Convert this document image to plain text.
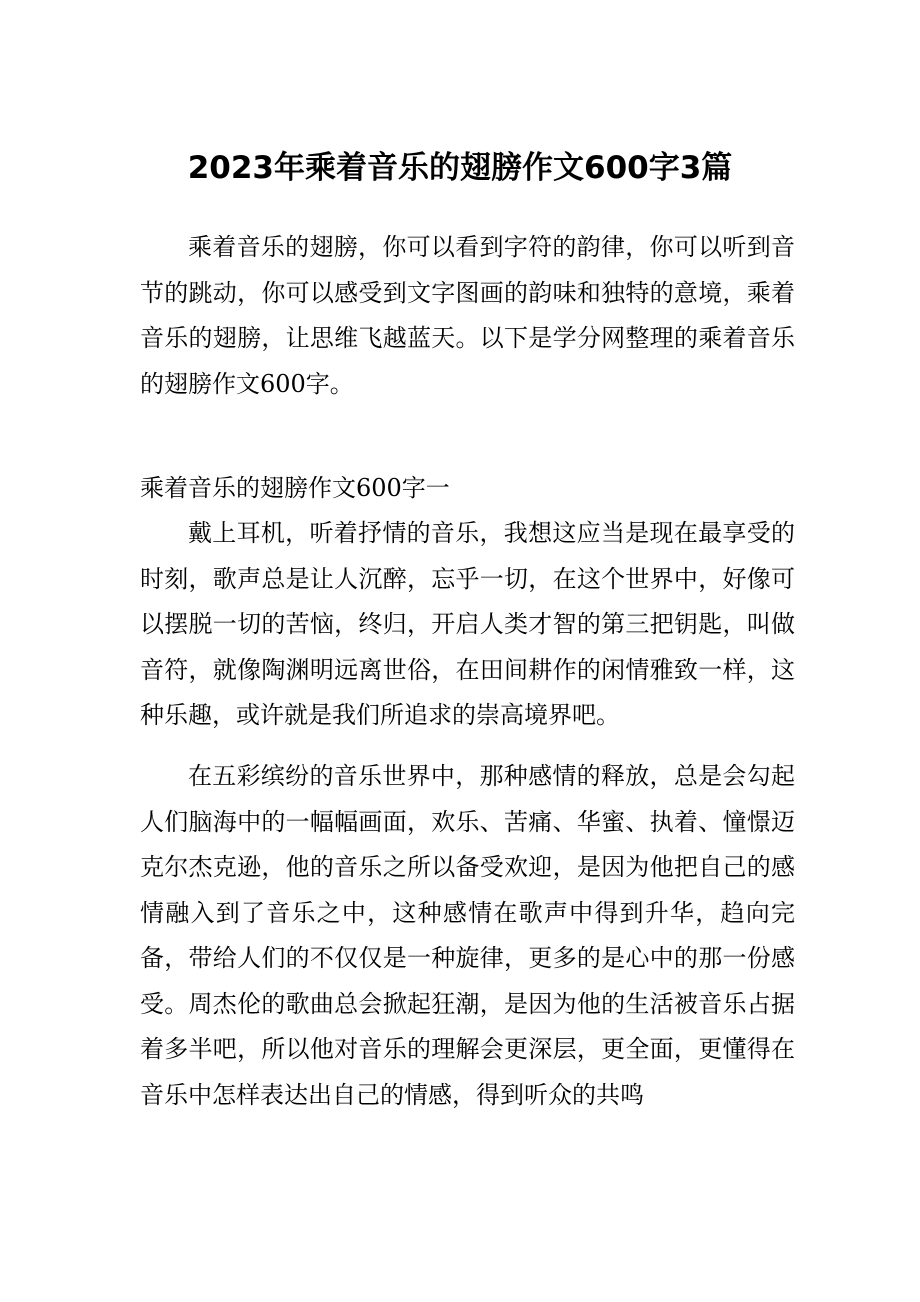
2023年乘着音乐的翅膀作文600字3篇

乘着音乐的翅膀，你可以看到字符的韵律，你可以听到音节的跳动，你可以感受到文字图画的韵味和独特的意境，乘着音乐的翅膀，让思维飞越蓝天。以下是学分网整理的乘着音乐的翅膀作文600字。

乘着音乐的翅膀作文600字一

戴上耳机，听着抒情的音乐，我想这应当是现在最享受的时刻，歌声总是让人沉醉，忘乎一切，在这个世界中，好像可以摆脱一切的苦恼，终归，开启人类才智的第三把钥匙，叫做音符，就像陶渊明远离世俗，在田间耕作的闲情雅致一样，这种乐趣，或许就是我们所追求的崇高境界吧。

在五彩缤纷的音乐世界中，那种感情的释放，总是会勾起人们脑海中的一幅幅画面，欢乐、苦痛、华蜜、执着、憧憬迈克尔杰克逊，他的音乐之所以备受欢迎，是因为他把自己的感情融入到了音乐之中，这种感情在歌声中得到升华，趋向完备，带给人们的不仅仅是一种旋律，更多的是心中的那一份感受。周杰伦的歌曲总会掀起狂潮，是因为他的生活被音乐占据着多半吧，所以他对音乐的理解会更深层，更全面，更懂得在音乐中怎样表达出自己的情感，得到听众的共鸣
